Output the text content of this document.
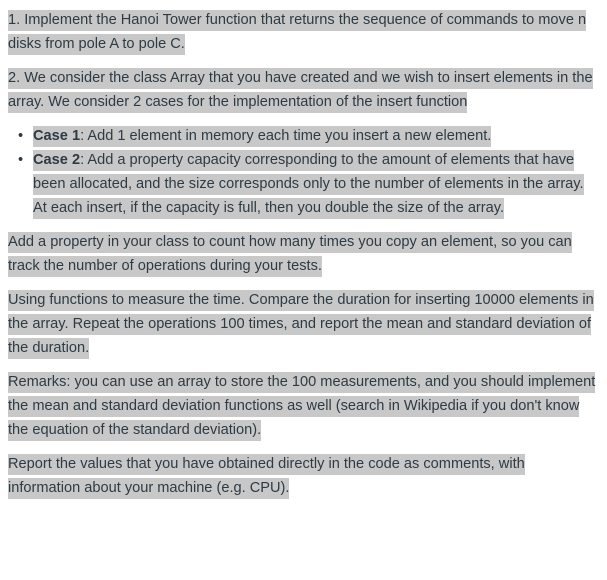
1. Implement the Hanoi Tower function that returns the sequence of commands to move n disks from pole A to pole C.

2. We consider the class Array that you have created and we wish to insert elements in the array. We consider 2 cases for the implementation of the insert function

• Case 1: Add 1 element in memory each time you insert a new element.
• Case 2: Add a property capacity corresponding to the amount of elements that have been allocated, and the size corresponds only to the number of elements in the array. At each insert, if the capacity is full, then you double the size of the array.

Add a property in your class to count how many times you copy an element, so you can track the number of operations during your tests.

Using functions to measure the time. Compare the duration for inserting 10000 elements in the array. Repeat the operations 100 times, and report the mean and standard deviation of the duration.

Remarks: you can use an array to store the 100 measurements, and you should implement the mean and standard deviation functions as well (search in Wikipedia if you don't know the equation of the standard deviation).

Report the values that you have obtained directly in the code as comments, with information about your machine (e.g. CPU).
